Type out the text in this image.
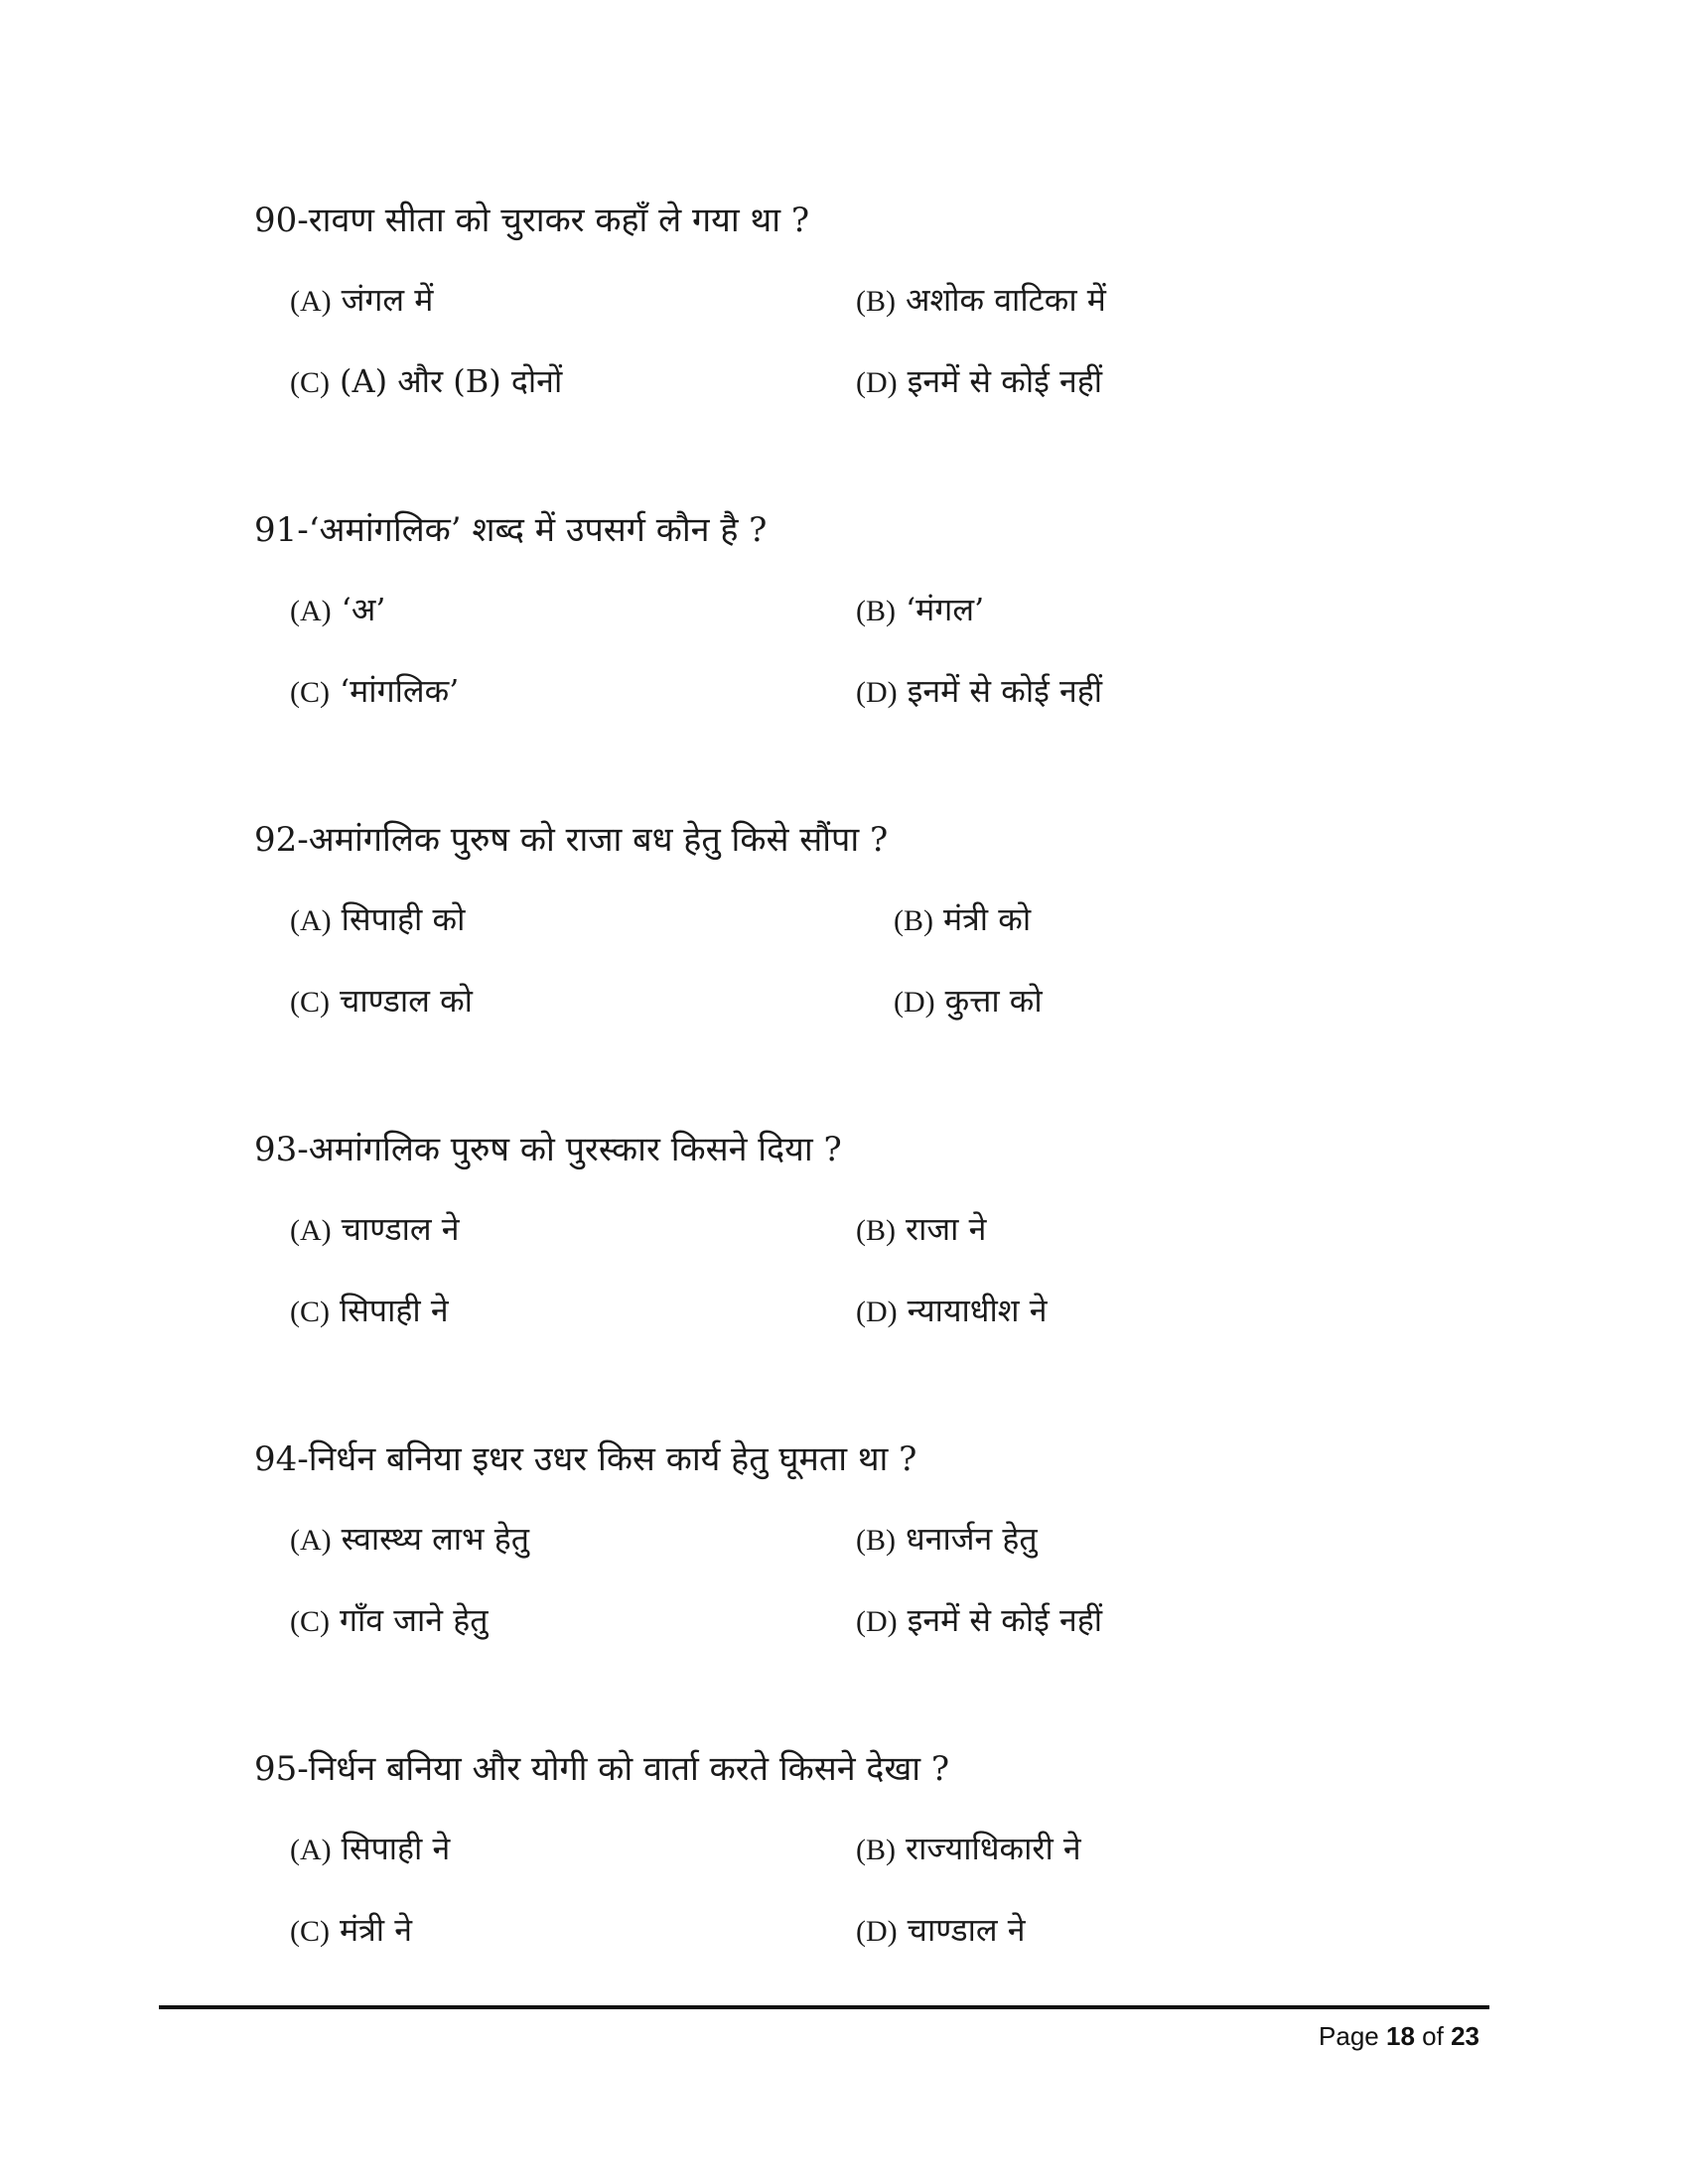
90-रावण सीता को चुराकर कहाँ ले गया था ?
(A) जंगल में	(B) अशोक वाटिका में
(C) (A) और (B) दोनों	(D) इनमें से कोई नहीं
91-‘अमांगलिक’ शब्द में उपसर्ग कौन है ?
(A) ‘अ’	(B) ‘मंगल’
(C) ‘मांगलिक’	(D) इनमें से कोई नहीं
92-अमांगलिक पुरुष को राजा बध हेतु किसे सौंपा ?
(A) सिपाही को	(B) मंत्री को
(C) चाण्डाल को	(D) कुत्ता को
93-अमांगलिक पुरुष को पुरस्कार किसने दिया ?
(A) चाण्डाल ने	(B) राजा ने
(C) सिपाही ने	(D) न्यायाधीश ने
94-निर्धन बनिया इधर उधर किस कार्य हेतु घूमता था ?
(A) स्वास्थ्य लाभ हेतु	(B) धनार्जन हेतु
(C) गाँव जाने हेतु	(D) इनमें से कोई नहीं
95-निर्धन बनिया और योगी को वार्ता करते किसने देखा ?
(A) सिपाही ने	(B) राज्याधिकारी ने
(C) मंत्री ने	(D) चाण्डाल ने
Page 18 of 23
